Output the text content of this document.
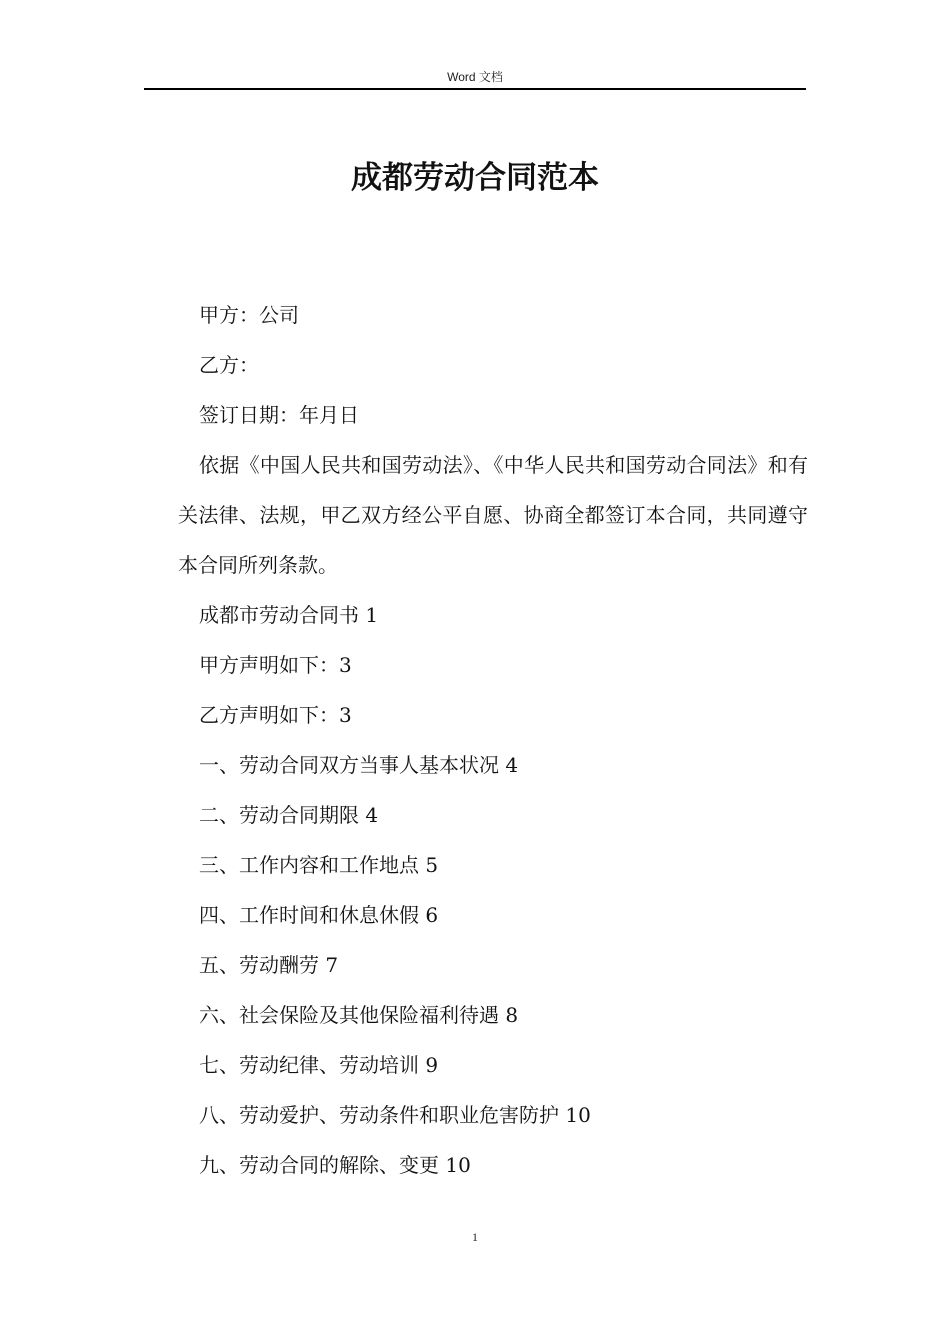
Word 文档
成都劳动合同范本

甲方：公司

乙方：

签订日期：年月日

依据《中国人民共和国劳动法》、《中华人民共和国劳动合同法》和有关法律、法规，甲乙双方经公平自愿、协商全都签订本合同，共同遵守本合同所列条款。

成都市劳动合同书 1

甲方声明如下：3

乙方声明如下：3

一、劳动合同双方当事人基本状况 4

二、劳动合同期限 4

三、工作内容和工作地点 5

四、工作时间和休息休假 6

五、劳动酬劳 7

六、社会保险及其他保险福利待遇 8

七、劳动纪律、劳动培训 9

八、劳动爱护、劳动条件和职业危害防护 10

九、劳动合同的解除、变更 10

1
